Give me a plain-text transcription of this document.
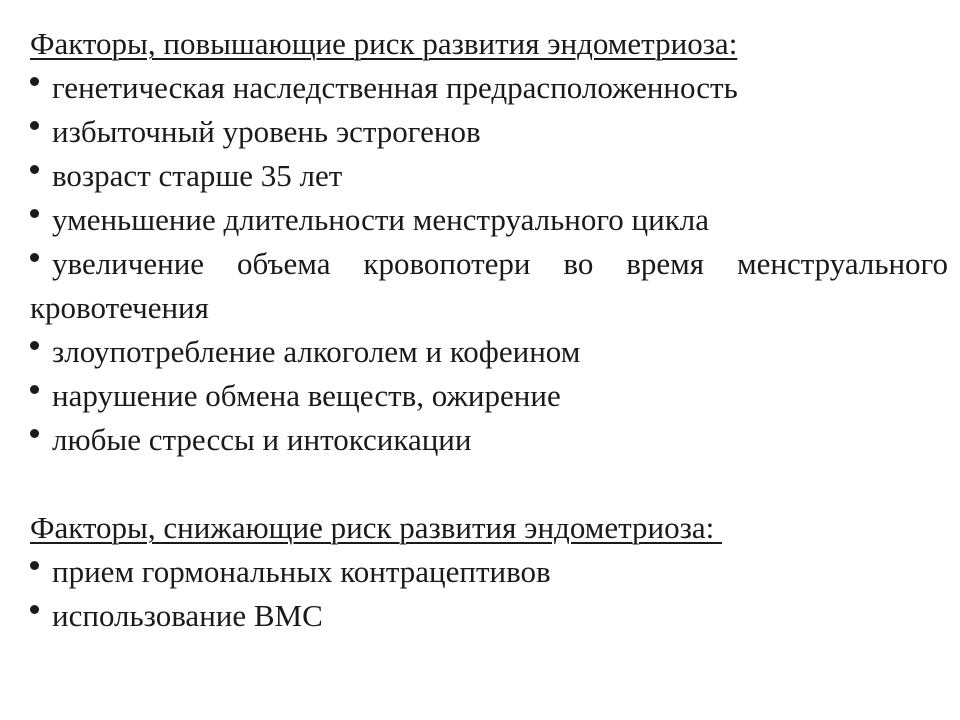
Факторы, повышающие риск развития эндометриоза:
генетическая наследственная предрасположенность
избыточный уровень эстрогенов
возраст старше 35 лет
уменьшение длительности менструального цикла
увеличение объема кровопотери во время менструального кровотечения
злоупотребление алкоголем и кофеином
нарушение обмена веществ, ожирение
любые стрессы и интоксикации
Факторы, снижающие риск развития эндометриоза:
прием гормональных контрацептивов
использование ВМС
